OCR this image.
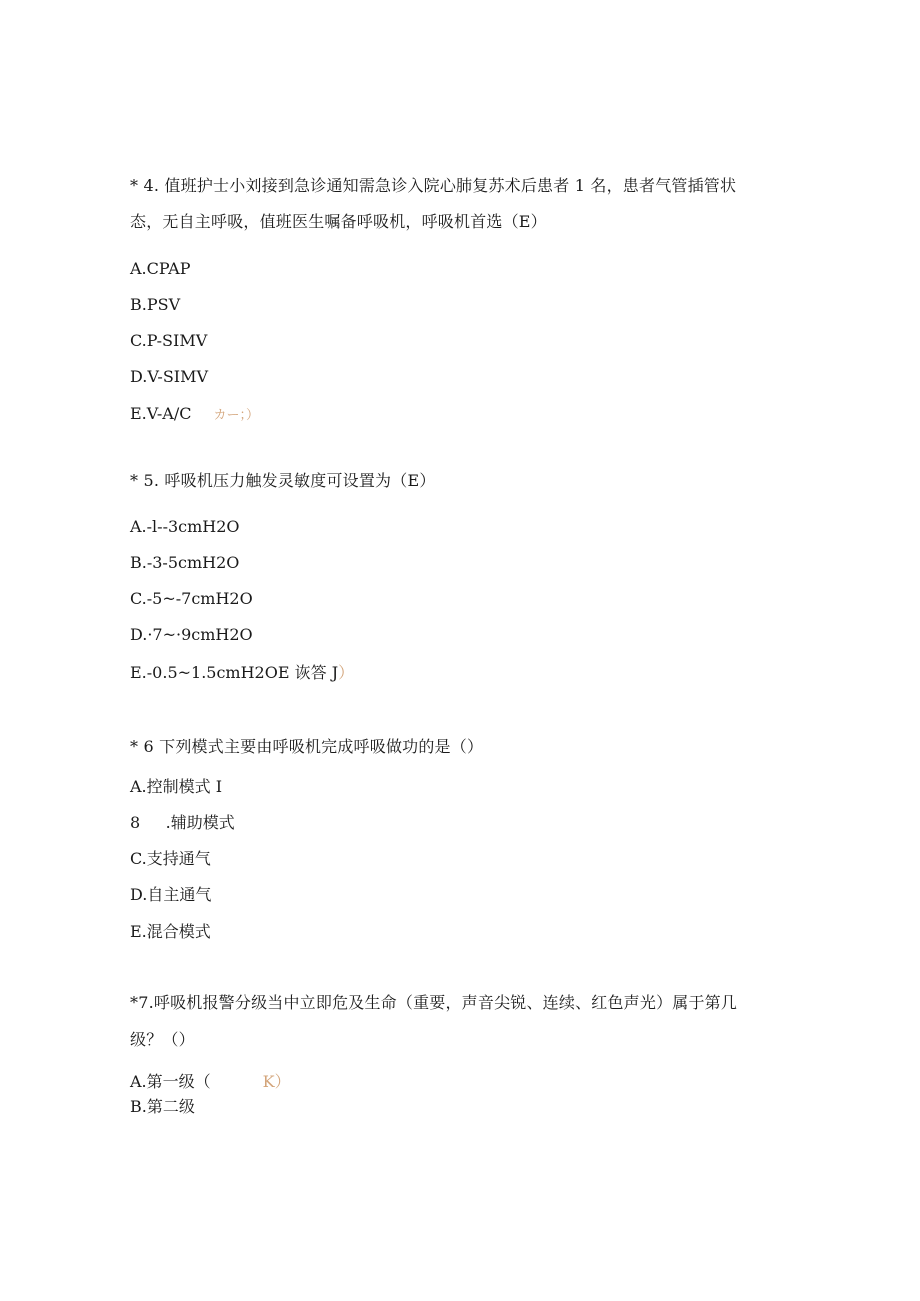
* 4. 值班护士小刘接到急诊通知需急诊入院心肺复苏术后患者 1 名，患者气管插管状
态，无自主呼吸，值班医生嘱备呼吸机，呼吸机首选（E）
A.CPAP
B.PSV
C.P-SIMV
D.V-SIMV
E.V-A/C カー；）
* 5. 呼吸机压力触发灵敏度可设置为（E）
A.-l--3cmH2O
B.-3-5cmH2O
C.-5~-7cmH2O
D.·7~·9cmH2O
E.-0.5~1.5cmH2OE 诙答 J）
* 6 下列模式主要由呼吸机完成呼吸做功的是（）
A.控制模式 I
8     .辅助模式
C.支持通气
D.自主通气
E.混合模式
*7.呼吸机报警分级当中立即危及生命（重要，声音尖锐、连续、红色声光）属于第几
级？（）
A.第一级（	K）
B.第二级
